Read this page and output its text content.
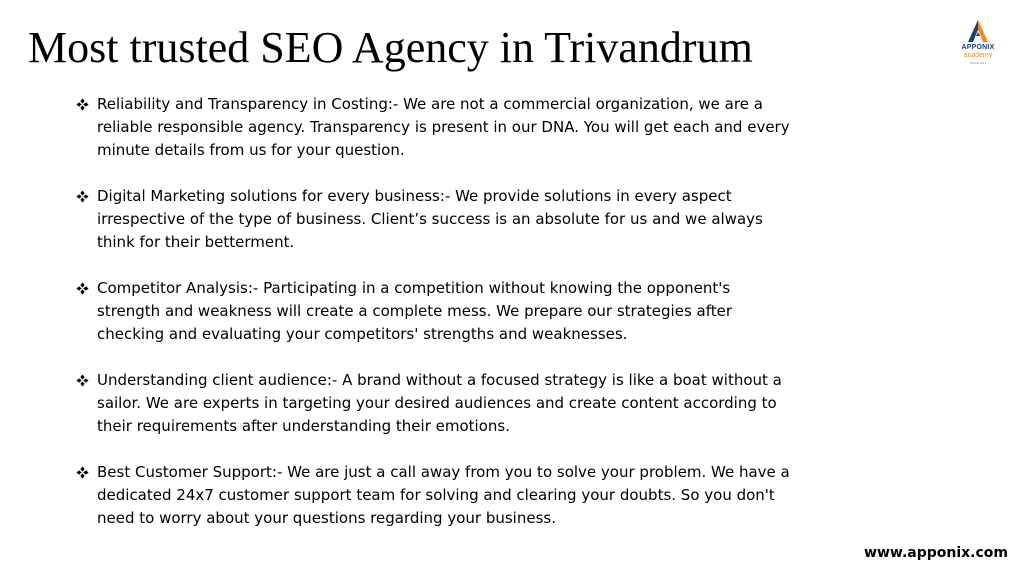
Most trusted SEO Agency in Trivandrum	APPONIX
academy
SINCE 2013
Reliability and Transparency in Costing:- We are not a commercial organization, we are a reliable responsible agency. Transparency is present in our DNA. You will get each and every minute details from us for your question.
Digital Marketing solutions for every business:- We provide solutions in every aspect irrespective of the type of business. Client’s success is an absolute for us and we always think for their betterment.
Competitor Analysis:- Participating in a competition without knowing the opponent's strength and weakness will create a complete mess. We prepare our strategies after checking and evaluating your competitors' strengths and weaknesses.
Understanding client audience:- A brand without a focused strategy is like a boat without a sailor. We are experts in targeting your desired audiences and create content according to their requirements after understanding their emotions.
Best Customer Support:- We are just a call away from you to solve your problem. We have a dedicated 24x7 customer support team for solving and clearing your doubts. So you don't need to worry about your questions regarding your business.
www.apponix.com
